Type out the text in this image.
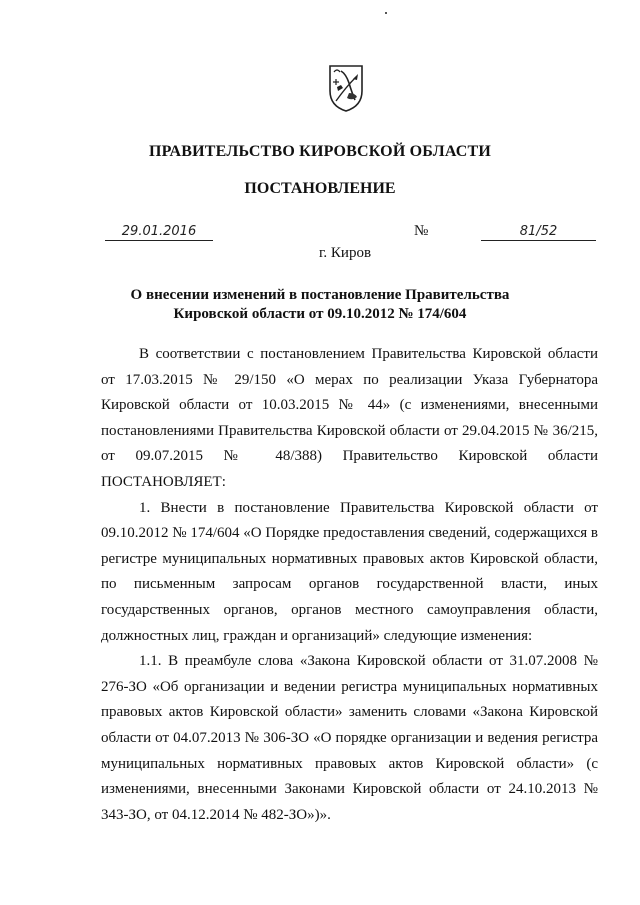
ПРАВИТЕЛЬСТВО КИРОВСКОЙ ОБЛАСТИ
ПОСТАНОВЛЕНИЕ
29.01.2016	№	81/52
г. Киров
О внесении изменений в постановление Правительства
Кировской области от 09.10.2012 № 174/604

В соответствии с постановлением Правительства Кировской области от 17.03.2015 № 29/150 «О мерах по реализации Указа Губернатора Кировской области от 10.03.2015 № 44» (с изменениями, внесенными постановлениями Правительства Кировской области от 29.04.2015 № 36/215, от 09.07.2015 № 48/388) Правительство Кировской области ПОСТАНОВЛЯЕТ:

1. Внести в постановление Правительства Кировской области от 09.10.2012 № 174/604 «О Порядке предоставления сведений, содержащихся в регистре муниципальных нормативных правовых актов Кировской области, по письменным запросам органов государственной власти, иных государственных органов, органов местного самоуправления области, должностных лиц, граждан и организаций» следующие изменения:

1.1. В преамбуле слова «Закона Кировской области от 31.07.2008 № 276-ЗО «Об организации и ведении регистра муниципальных нормативных правовых актов Кировской области» заменить словами «Закона Кировской области от 04.07.2013 № 306-ЗО «О порядке организации и ведения регистра муниципальных нормативных правовых актов Кировской области» (с изменениями, внесенными Законами Кировской области от 24.10.2013 № 343-ЗО, от 04.12.2014 № 482-ЗО»)».
